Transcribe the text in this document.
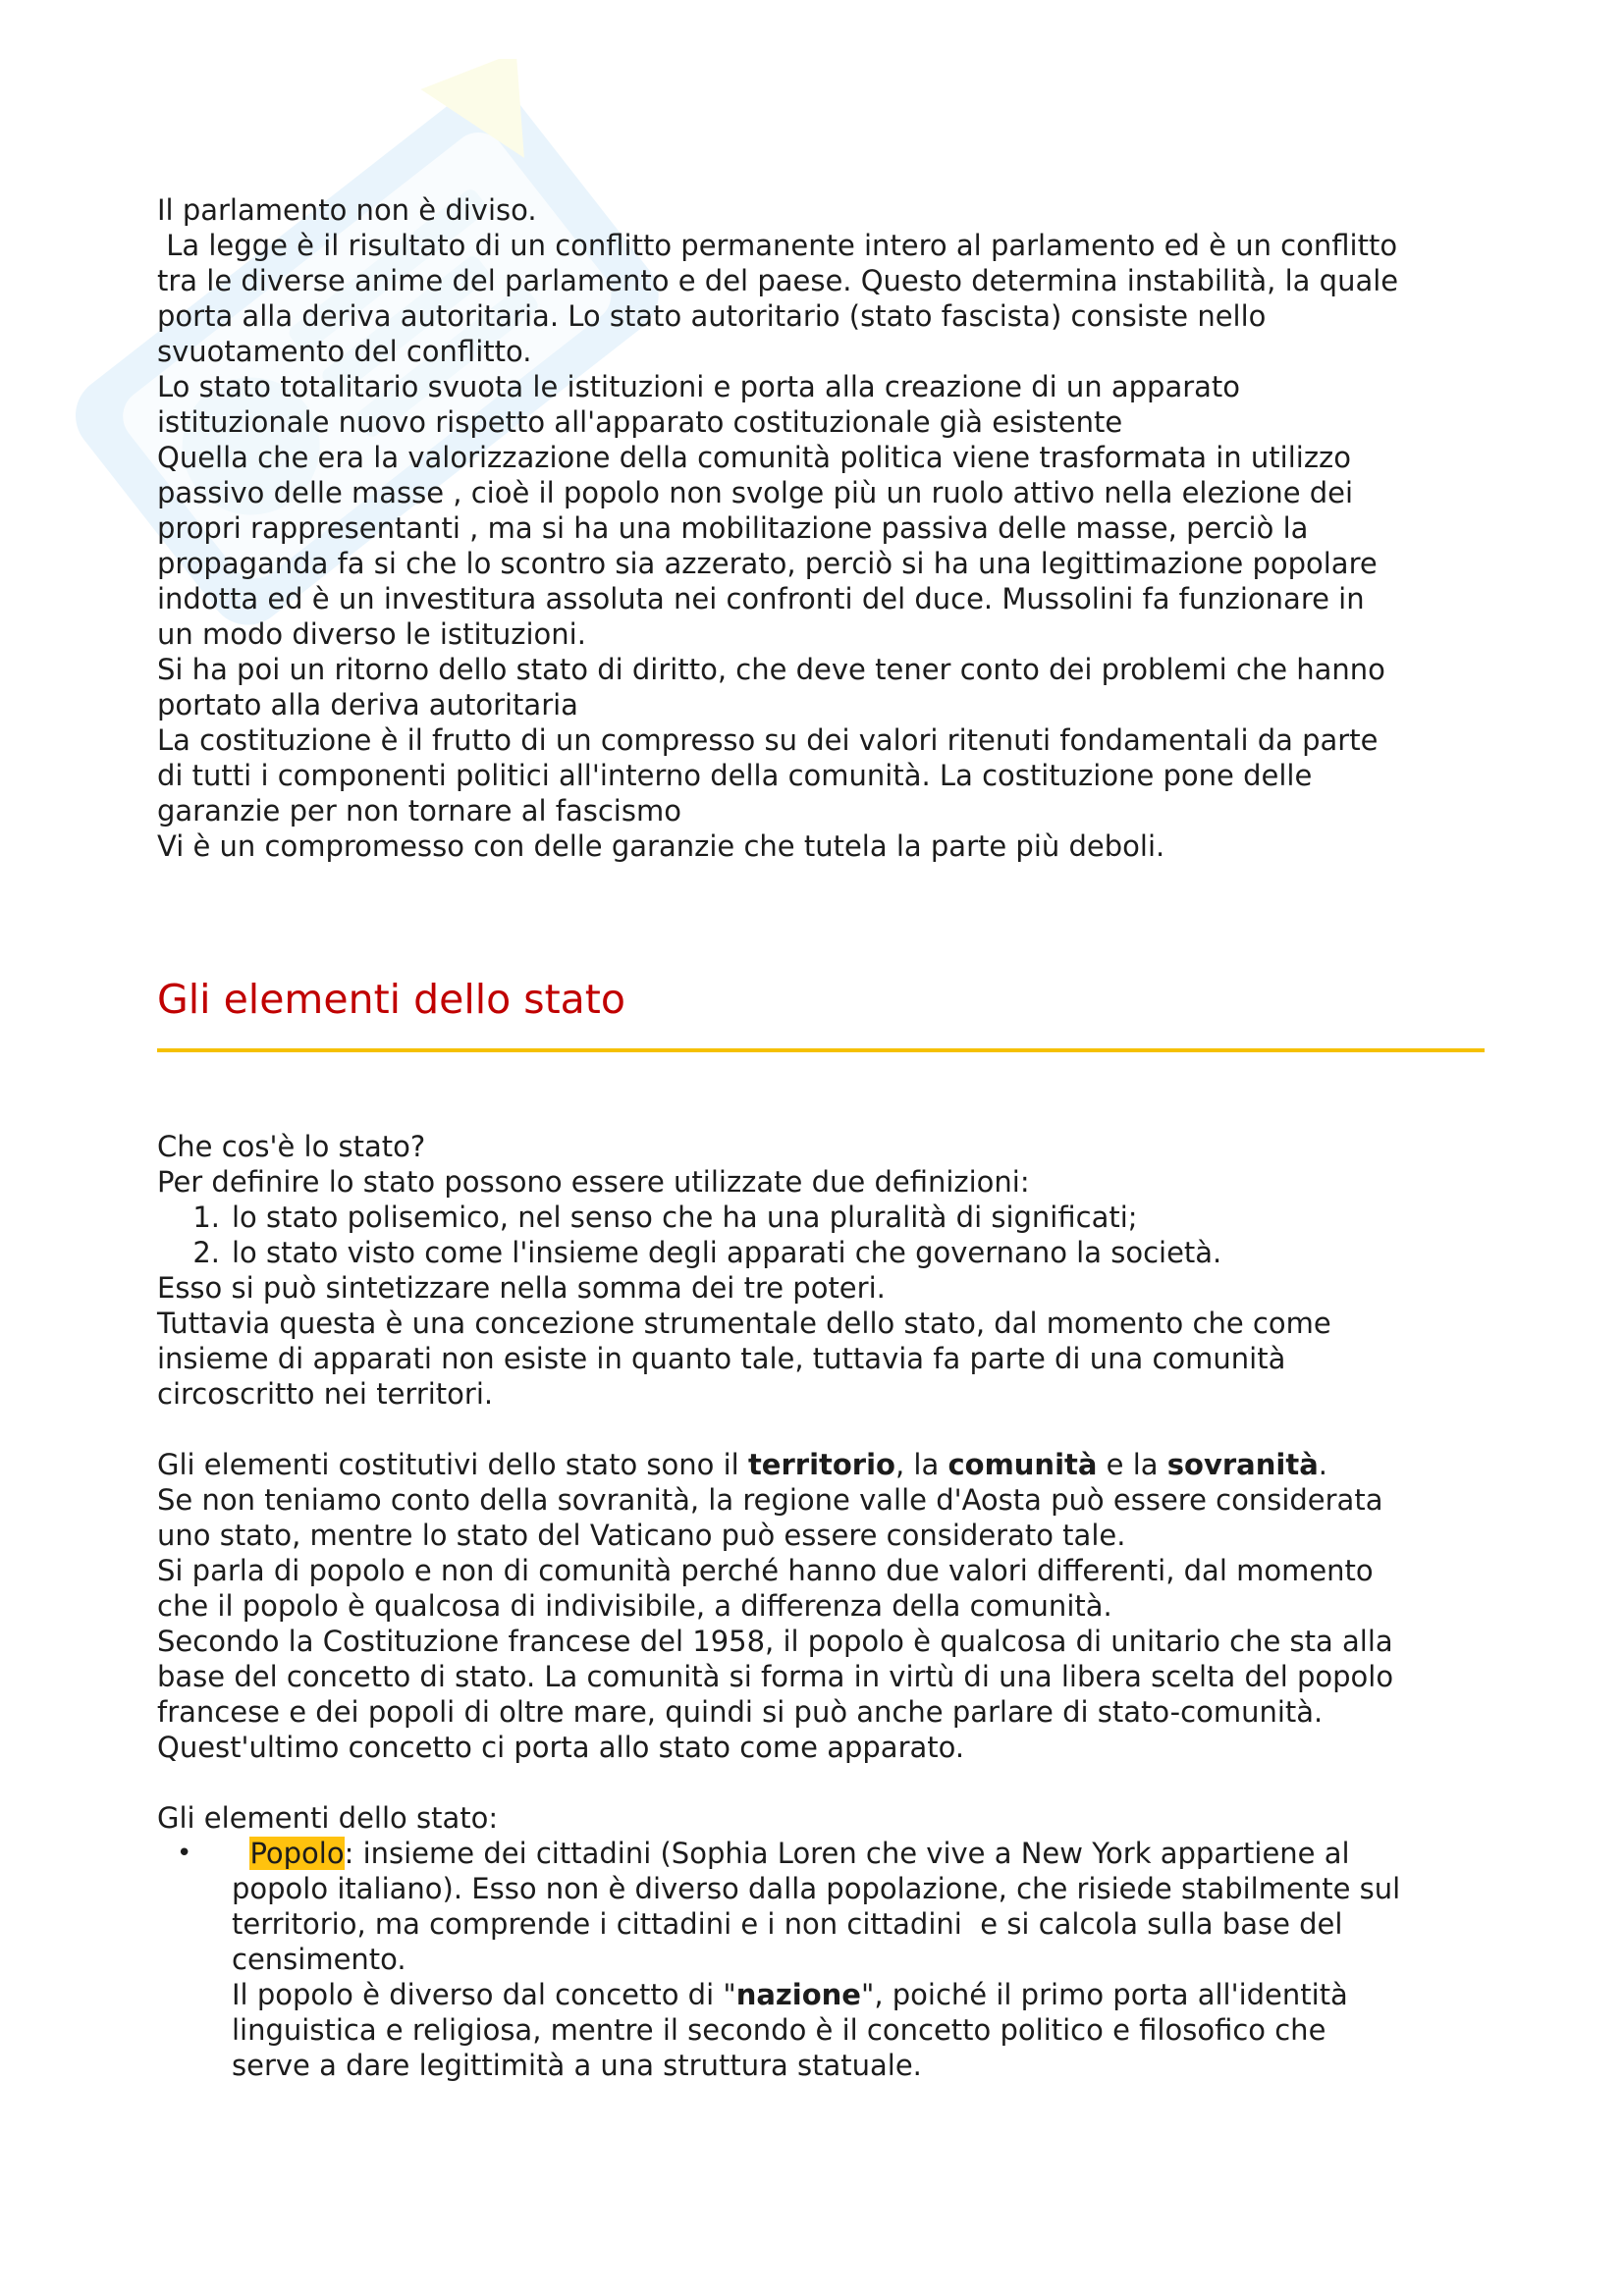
Il parlamento non è diviso.

La legge è il risultato di un conflitto permanente intero al parlamento ed è un conflitto

tra le diverse anime del parlamento e del paese. Questo determina instabilità, la quale

porta alla deriva autoritaria. Lo stato autoritario (stato fascista) consiste nello

svuotamento del conflitto.

Lo stato totalitario svuota le istituzioni e porta alla creazione di un apparato

istituzionale nuovo rispetto all'apparato costituzionale già esistente

Quella che era la valorizzazione della comunità politica viene trasformata in utilizzo

passivo delle masse , cioè il popolo non svolge più un ruolo attivo nella elezione dei

propri rappresentanti , ma si ha una mobilitazione passiva delle masse, perciò la

propaganda fa si che lo scontro sia azzerato, perciò si ha una legittimazione popolare

indotta ed è un investitura assoluta nei confronti del duce. Mussolini fa funzionare in

un modo diverso le istituzioni.

Si ha poi un ritorno dello stato di diritto, che deve tener conto dei problemi che hanno

portato alla deriva autoritaria

La costituzione è il frutto di un compresso su dei valori ritenuti fondamentali da parte

di tutti i componenti politici all'interno della comunità. La costituzione pone delle

garanzie per non tornare al fascismo

Vi è un compromesso con delle garanzie che tutela la parte più deboli.

Gli elementi dello stato

Che cos'è lo stato?

Per definire lo stato possono essere utilizzate due definizioni:

1. lo stato polisemico, nel senso che ha una pluralità di significati;
2. lo stato visto come l'insieme degli apparati che governano la società.

Esso si può sintetizzare nella somma dei tre poteri.

Tuttavia questa è una concezione strumentale dello stato, dal momento che come

insieme di apparati non esiste in quanto tale, tuttavia fa parte di una comunità

circoscritto nei territori.

Gli elementi costitutivi dello stato sono il territorio, la comunità e la sovranità.

Se non teniamo conto della sovranità, la regione valle d'Aosta può essere considerata

uno stato, mentre lo stato del Vaticano può essere considerato tale.

Si parla di popolo e non di comunità perché hanno due valori differenti, dal momento

che il popolo è qualcosa di indivisibile, a differenza della comunità.

Secondo la Costituzione francese del 1958, il popolo è qualcosa di unitario che sta alla

base del concetto di stato. La comunità si forma in virtù di una libera scelta del popolo

francese e dei popoli di oltre mare, quindi si può anche parlare di stato-comunità.

Quest'ultimo concetto ci porta allo stato come apparato.

Gli elementi dello stato:

•	Popolo: insieme dei cittadini (Sophia Loren che vive a New York appartiene al

popolo italiano). Esso non è diverso dalla popolazione, che risiede stabilmente sul

territorio, ma comprende i cittadini e i non cittadini  e si calcola sulla base del

censimento.

Il popolo è diverso dal concetto di "nazione", poiché il primo porta all'identità

linguistica e religiosa, mentre il secondo è il concetto politico e filosofico che

serve a dare legittimità a una struttura statuale.
